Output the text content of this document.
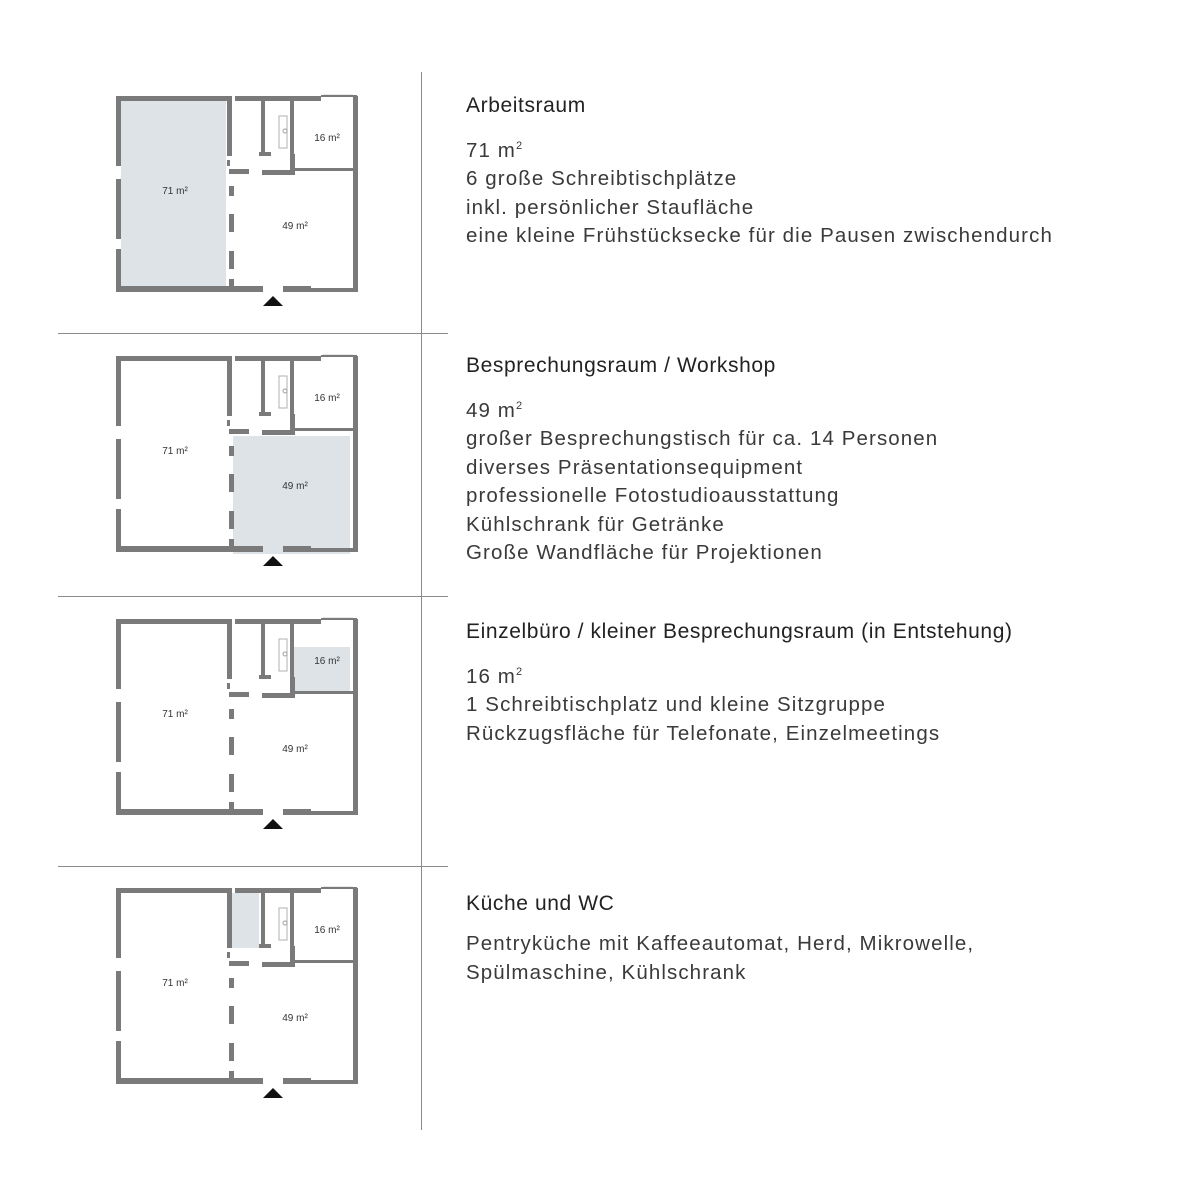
71 m²
49 m²
16 m²
Arbeitsraum
71 $m^2$
6 große Schreibtischplätze
inkl. persönlicher Staufläche
eine kleine Frühstücksecke für die Pausen zwischendurch
71 m²
49 m²
16 m²
Besprechungsraum / Workshop
49 $m^2$
großer Besprechungstisch für ca. 14 Personen
diverses Präsentationsequipment
professionelle Fotostudioausstattung
Kühlschrank für Getränke
Große Wandfläche für Projektionen
71 m²
49 m²
16 m²
Einzelbüro / kleiner Besprechungsraum (in Entstehung)
16 $m^2$
1 Schreibtischplatz und kleine Sitzgruppe
Rückzugsfläche für Telefonate, Einzelmeetings
71 m²
49 m²
16 m²
Küche und WC
Pentryküche mit Kaffeeautomat, Herd, Mikrowelle,
Spülmaschine, Kühlschrank
